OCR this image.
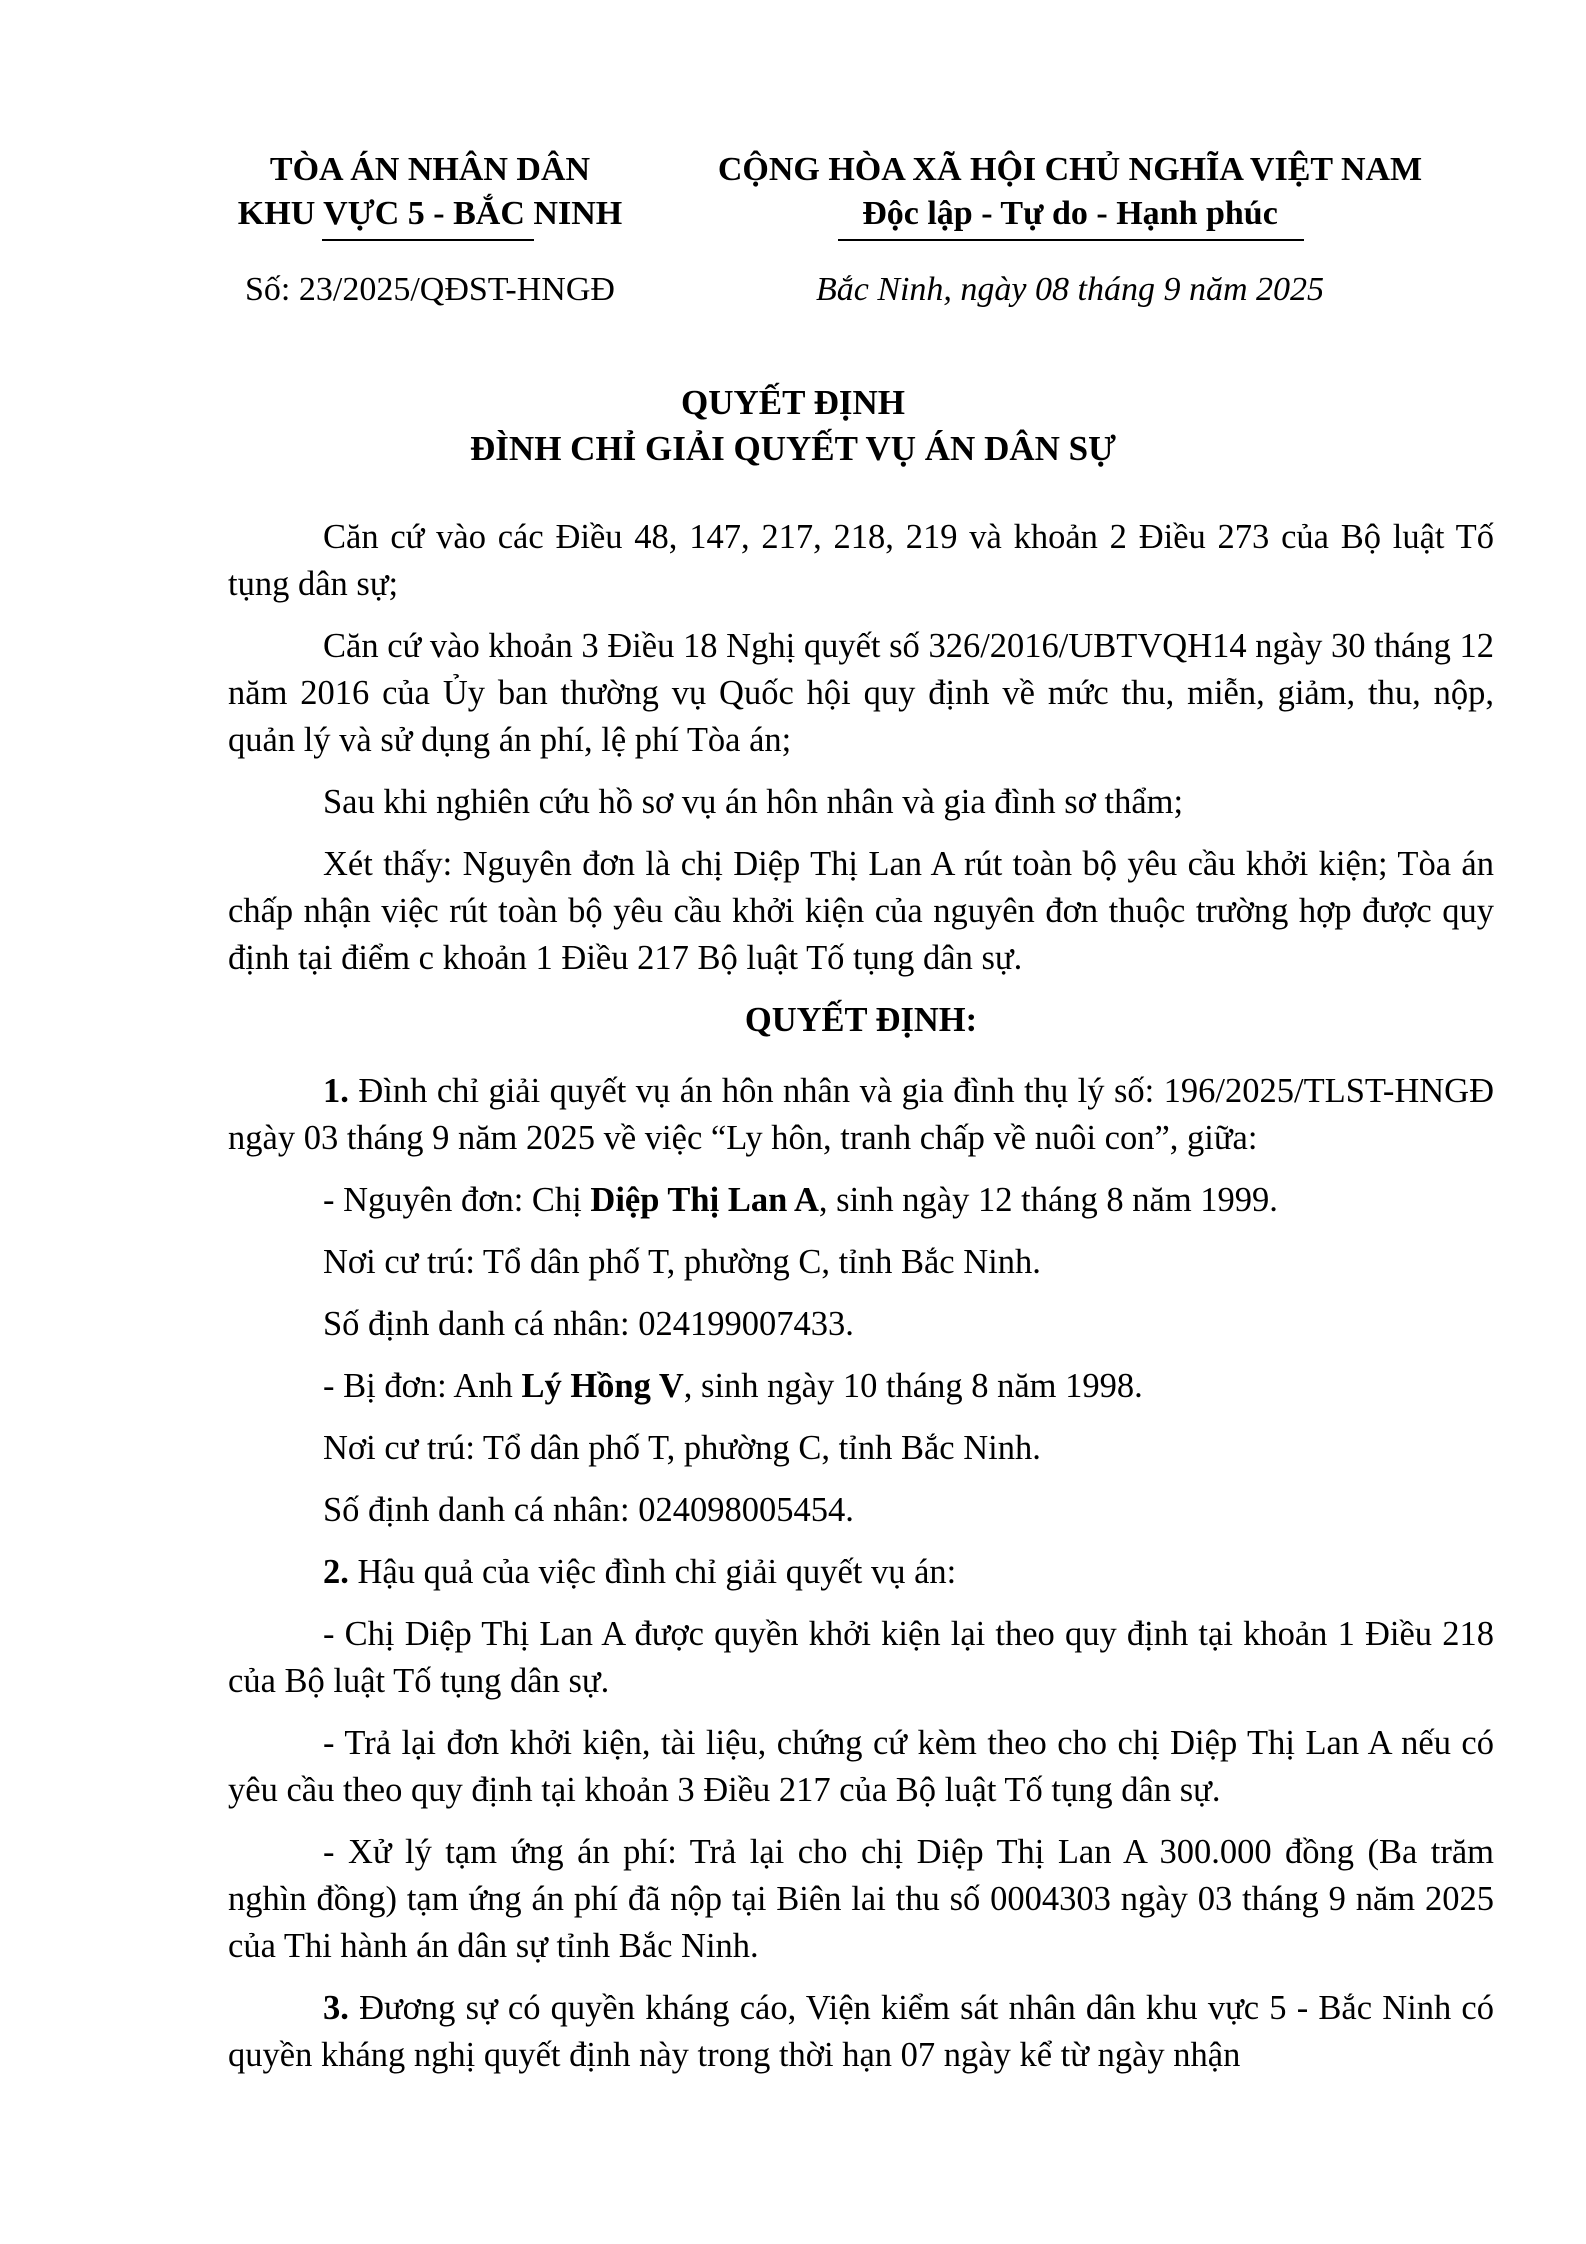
TÒA ÁN NHÂN DÂN
KHU VỰC 5 - BẮC NINH
CỘNG HÒA XÃ HỘI CHỦ NGHĨA VIỆT NAM
Độc lập - Tự do - Hạnh phúc
Số: 23/2025/QĐST-HNGĐ	Bắc Ninh, ngày 08 tháng 9 năm 2025
QUYẾT ĐỊNH
ĐÌNH CHỈ GIẢI QUYẾT VỤ ÁN DÂN SỰ

Căn cứ vào các Điều 48, 147, 217, 218, 219 và khoản 2 Điều 273 của Bộ luật Tố tụng dân sự;

Căn cứ vào khoản 3 Điều 18 Nghị quyết số 326/2016/UBTVQH14 ngày 30 tháng 12 năm 2016 của Ủy ban thường vụ Quốc hội quy định về mức thu, miễn, giảm, thu, nộp, quản lý và sử dụng án phí, lệ phí Tòa án;

Sau khi nghiên cứu hồ sơ vụ án hôn nhân và gia đình sơ thẩm;

Xét thấy: Nguyên đơn là chị Diệp Thị Lan A rút toàn bộ yêu cầu khởi kiện; Tòa án chấp nhận việc rút toàn bộ yêu cầu khởi kiện của nguyên đơn thuộc trường hợp được quy định tại điểm c khoản 1 Điều 217 Bộ luật Tố tụng dân sự.

QUYẾT ĐỊNH:

1. Đình chỉ giải quyết vụ án hôn nhân và gia đình thụ lý số: 196/2025/TLST-HNGĐ ngày 03 tháng 9 năm 2025 về việc “Ly hôn, tranh chấp về nuôi con”, giữa:

- Nguyên đơn: Chị Diệp Thị Lan A, sinh ngày 12 tháng 8 năm 1999.

Nơi cư trú: Tổ dân phố T, phường C, tỉnh Bắc Ninh.

Số định danh cá nhân: 024199007433.

- Bị đơn: Anh Lý Hồng V, sinh ngày 10 tháng 8 năm 1998.

Nơi cư trú: Tổ dân phố T, phường C, tỉnh Bắc Ninh.

Số định danh cá nhân: 024098005454.

2. Hậu quả của việc đình chỉ giải quyết vụ án:

- Chị Diệp Thị Lan A được quyền khởi kiện lại theo quy định tại khoản 1 Điều 218 của Bộ luật Tố tụng dân sự.

- Trả lại đơn khởi kiện, tài liệu, chứng cứ kèm theo cho chị Diệp Thị Lan A nếu có yêu cầu theo quy định tại khoản 3 Điều 217 của Bộ luật Tố tụng dân sự.

- Xử lý tạm ứng án phí: Trả lại cho chị Diệp Thị Lan A 300.000 đồng (Ba trăm nghìn đồng) tạm ứng án phí đã nộp tại Biên lai thu số 0004303 ngày 03 tháng 9 năm 2025 của Thi hành án dân sự tỉnh Bắc Ninh.

3. Đương sự có quyền kháng cáo, Viện kiểm sát nhân dân khu vực 5 - Bắc Ninh có quyền kháng nghị quyết định này trong thời hạn 07 ngày kể từ ngày nhận
